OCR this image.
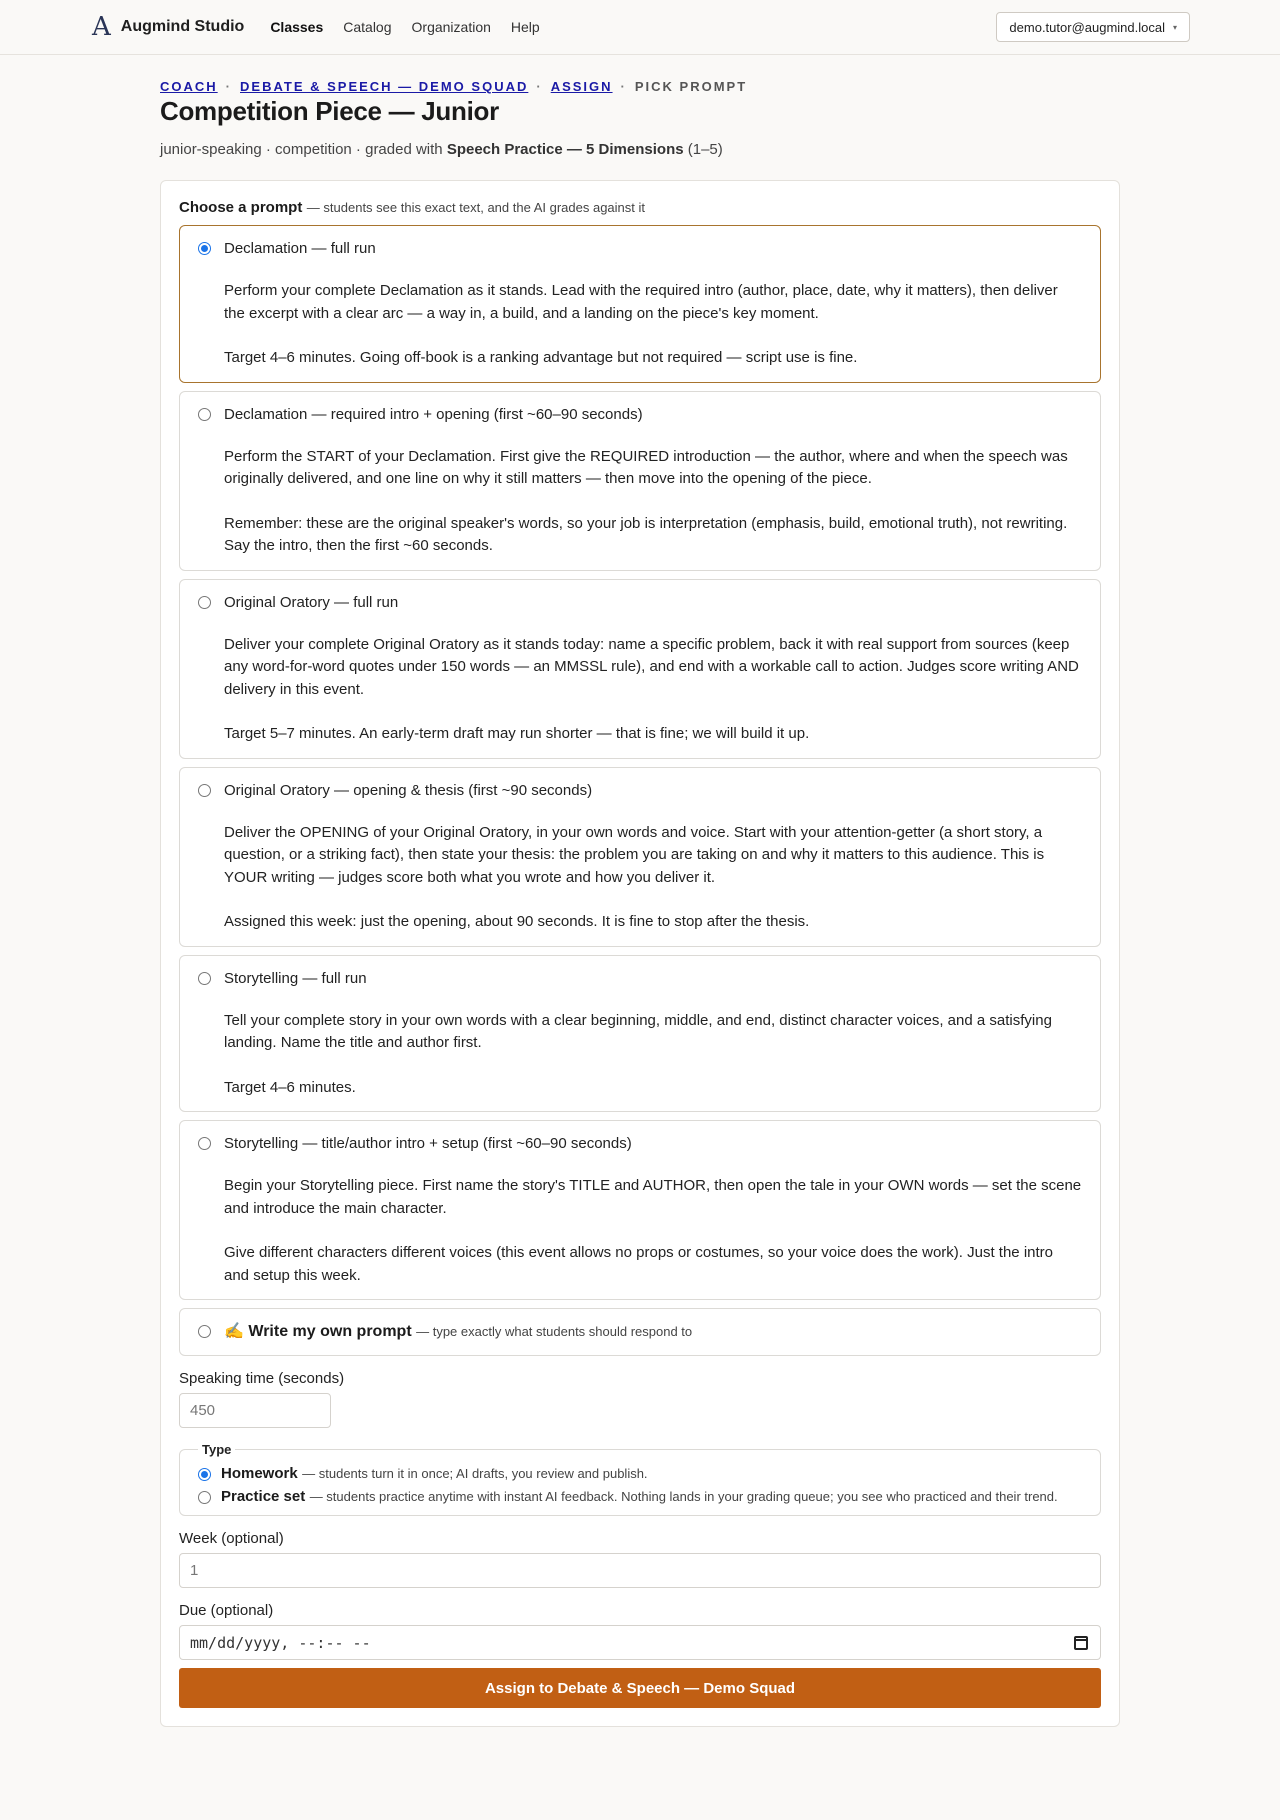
A Augmind Studio Classes Catalog Organization Help	demo.tutor@augmind.local ▾
COACH · DEBATE & SPEECH — DEMO SQUAD · ASSIGN · PICK PROMPT
Competition Piece — Junior
junior-speaking · competition · graded with Speech Practice — 5 Dimensions (1–5)
Choose a prompt — students see this exact text, and the AI grades against it
Declamation — full run

Perform your complete Declamation as it stands. Lead with the required intro (author, place, date, why it matters), then deliver the excerpt with a clear arc — a way in, a build, and a landing on the piece's key moment.

Target 4–6 minutes. Going off-book is a ranking advantage but not required — script use is fine.

Declamation — required intro + opening (first ~60–90 seconds)

Perform the START of your Declamation. First give the REQUIRED introduction — the author, where and when the speech was originally delivered, and one line on why it still matters — then move into the opening of the piece.

Remember: these are the original speaker's words, so your job is interpretation (emphasis, build, emotional truth), not rewriting. Say the intro, then the first ~60 seconds.

Original Oratory — full run

Deliver your complete Original Oratory as it stands today: name a specific problem, back it with real support from sources (keep any word-for-word quotes under 150 words — an MMSSL rule), and end with a workable call to action. Judges score writing AND delivery in this event.

Target 5–7 minutes. An early-term draft may run shorter — that is fine; we will build it up.

Original Oratory — opening & thesis (first ~90 seconds)

Deliver the OPENING of your Original Oratory, in your own words and voice. Start with your attention-getter (a short story, a question, or a striking fact), then state your thesis: the problem you are taking on and why it matters to this audience. This is YOUR writing — judges score both what you wrote and how you deliver it.

Assigned this week: just the opening, about 90 seconds. It is fine to stop after the thesis.

Storytelling — full run

Tell your complete story in your own words with a clear beginning, middle, and end, distinct character voices, and a satisfying landing. Name the title and author first.

Target 4–6 minutes.

Storytelling — title/author intro + setup (first ~60–90 seconds)

Begin your Storytelling piece. First name the story's TITLE and AUTHOR, then open the tale in your OWN words — set the scene and introduce the main character.

Give different characters different voices (this event allows no props or costumes, so your voice does the work). Just the intro and setup this week.

✍️ Write my own prompt — type exactly what students should respond to
Speaking time (seconds)
450
Type
Homework — students turn it in once; AI drafts, you review and publish.
Practice set — students practice anytime with instant AI feedback. Nothing lands in your grading queue; you see who practiced and their trend.
Week (optional)
1
Due (optional)
mm/dd/yyyy, --:-- --
Assign to Debate & Speech — Demo Squad
